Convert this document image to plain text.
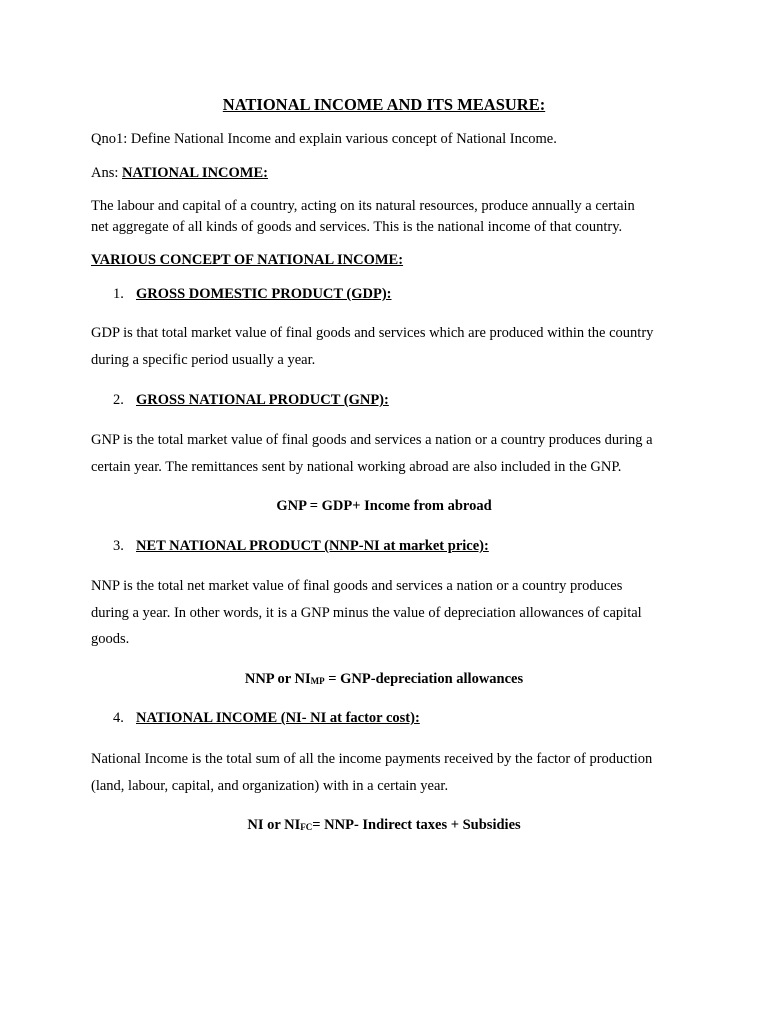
NATIONAL INCOME AND ITS MEASURE:
Qno1: Define National Income and explain various concept of National Income.
Ans: NATIONAL INCOME:
The labour and capital of a country, acting on its natural resources, produce annually a certain
net aggregate of all kinds of goods and services. This is the national income of that country.
VARIOUS CONCEPT OF NATIONAL INCOME:
1. GROSS DOMESTIC PRODUCT (GDP):
GDP is that total market value of final goods and services which are produced within the country
during a specific period usually a year.
2. GROSS NATIONAL PRODUCT (GNP):
GNP is the total market value of final goods and services a nation or a country produces during a
certain year. The remittances sent by national working abroad are also included in the GNP.
GNP = GDP+ Income from abroad
3. NET NATIONAL PRODUCT (NNP-NI at market price):
NNP is the total net market value of final goods and services a nation or a country produces
during a year. In other words, it is a GNP minus the value of depreciation allowances of capital
goods.
NNP or $NI_{MP}$ = GNP-depreciation allowances
4. NATIONAL INCOME (NI- NI at factor cost):
National Income is the total sum of all the income payments received by the factor of production
(land, labour, capital, and organization) with in a certain year.
NI or $NI_{FC}= NNP-$ Indirect taxes + Subsidies
